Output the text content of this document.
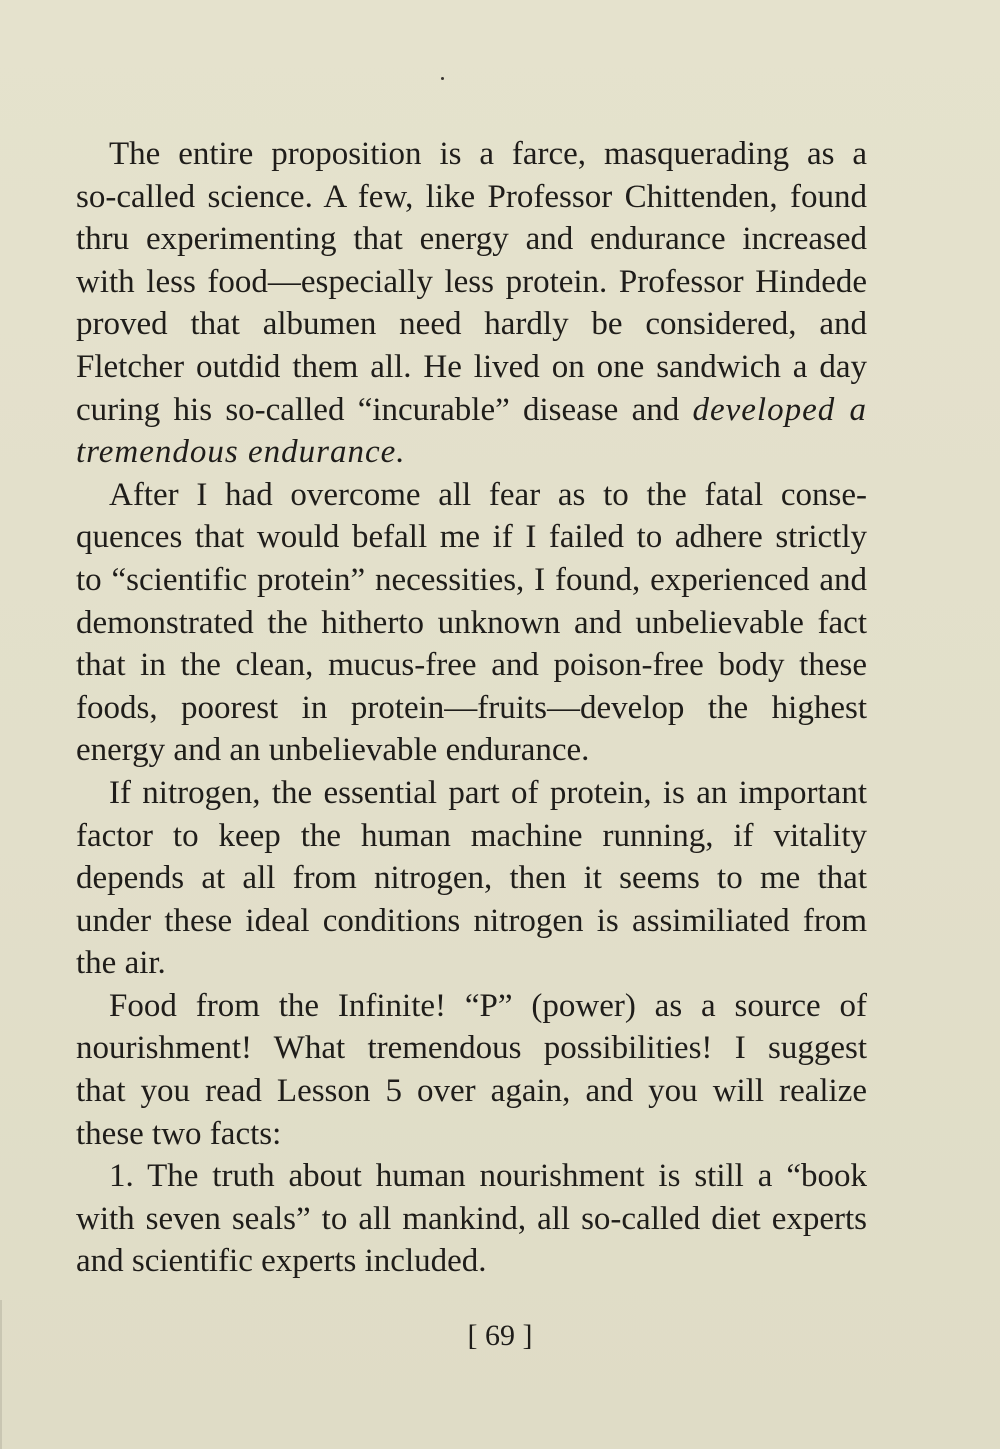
The entire proposition is a farce, masquerading as a
so-called science. A few, like Professor Chittenden, found
thru experimenting that energy and endurance increased
with less food—especially less protein. Professor Hindede
proved that albumen need hardly be considered, and
Fletcher outdid them all. He lived on one sandwich a day
curing his so-called “incurable” disease and developed a
tremendous endurance.
After I had overcome all fear as to the fatal conse-
quences that would befall me if I failed to adhere strictly
to “scientific protein” necessities, I found, experienced and
demonstrated the hitherto unknown and unbelievable fact
that in the clean, mucus-free and poison-free body these
foods, poorest in protein—fruits—develop the highest
energy and an unbelievable endurance.
If nitrogen, the essential part of protein, is an important
factor to keep the human machine running, if vitality
depends at all from nitrogen, then it seems to me that
under these ideal conditions nitrogen is assimiliated from
the air.
Food from the Infinite! “P” (power) as a source of
nourishment! What tremendous possibilities! I suggest
that you read Lesson 5 over again, and you will realize
these two facts:
1. The truth about human nourishment is still a “book
with seven seals” to all mankind, all so-called diet experts
and scientific experts included.
[ 69 ]
